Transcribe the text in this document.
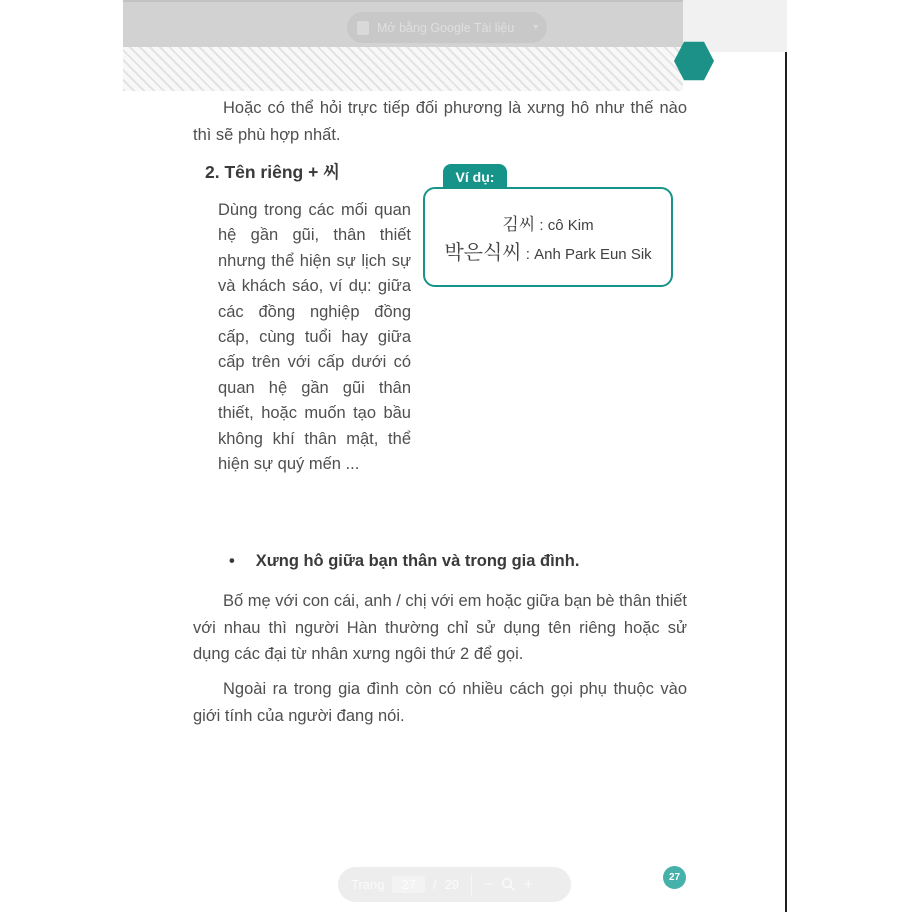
Mở bằng Google Tài liệu	▾
Hoặc có thể hỏi trực tiếp đối phương là xưng hô như thế nào thì sẽ phù hợp nhất.
2. Tên riêng + 씨
Dùng trong các mối quan hệ gần gũi, thân thiết nhưng thể hiện sự lịch sự và khách sáo, ví dụ: giữa các đồng nghiệp đồng cấp, cùng tuổi hay giữa cấp trên với cấp dưới có quan hệ gần gũi thân thiết, hoặc muốn tạo bầu không khí thân mật, thể hiện sự quý mến ...
Ví dụ:
김씨 : cô Kim
박은식씨 : Anh Park Eun Sik
• Xưng hô giữa bạn thân và trong gia đình.
Bố mẹ với con cái, anh / chị với em hoặc giữa bạn bè thân thiết với nhau thì người Hàn thường chỉ sử dụng tên riêng hoặc sử dụng các đại từ nhân xưng ngôi thứ 2 để gọi.
Ngoài ra trong gia đình còn có nhiều cách gọi phụ thuộc vào giới tính của người đang nói.
Trang	27	/ 29 − +	27
